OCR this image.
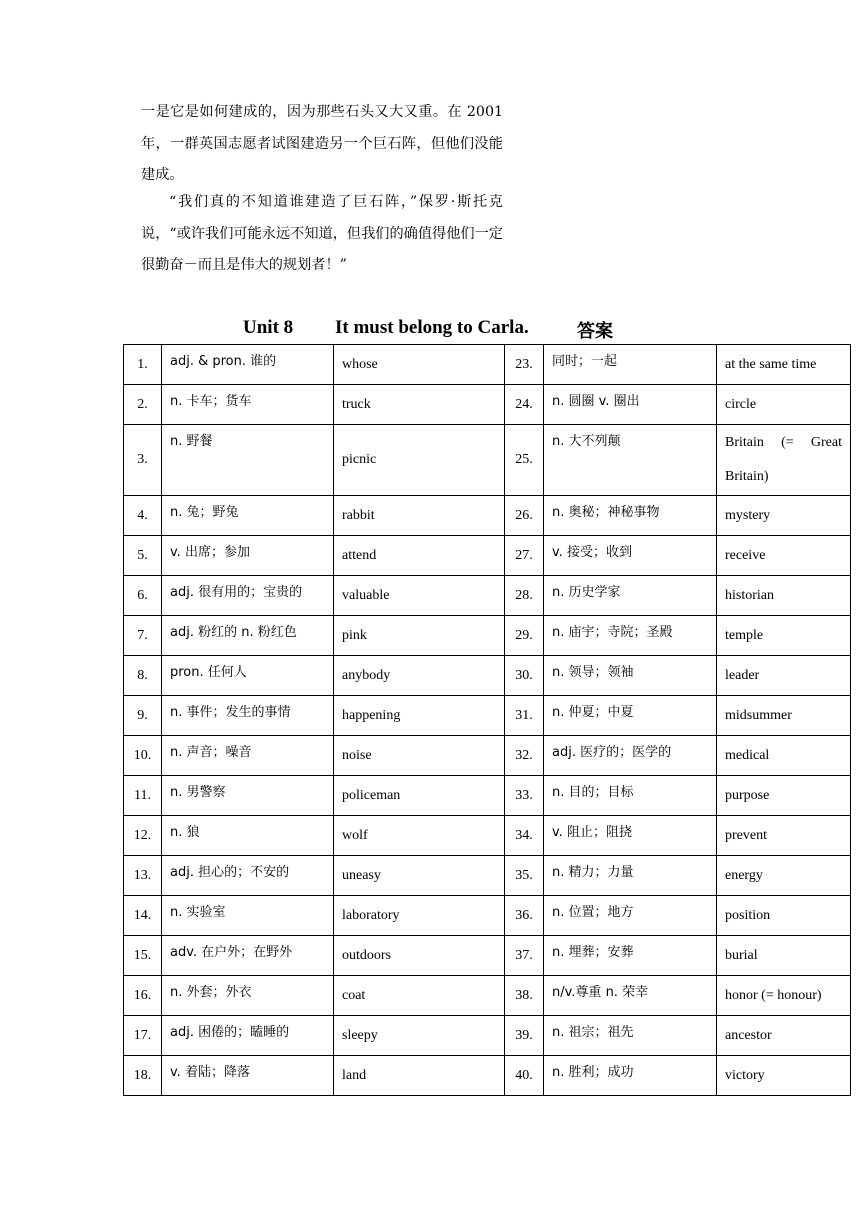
一是它是如何建成的，因为那些石头又大又重。在 2001 年，一群英国志愿者试图建造另一个巨石阵，但他们没能建成。

“我们真的不知道谁建造了巨石阵，”保罗·斯托克说，“或许我们可能永远不知道，但我们的确值得他们一定很勤奋－而且是伟大的规划者！”

Unit 8 It must belong to Carla.	答案
1.	adj. & pron. 谁的	whose	23.	同时；一起	at the same time
2.	n. 卡车；货车	truck	24.	n. 圆圈 v. 圈出	circle
3.	n. 野餐	picnic	25.	n. 大不列颠	Britain (= Great Britain)
4.	n. 兔；野兔	rabbit	26.	n. 奥秘；神秘事物	mystery
5.	v. 出席；参加	attend	27.	v. 接受；收到	receive
6.	adj. 很有用的；宝贵的	valuable	28.	n. 历史学家	historian
7.	adj. 粉红的 n. 粉红色	pink	29.	n. 庙宇；寺院；圣殿	temple
8.	pron. 任何人	anybody	30.	n. 领导；领袖	leader
9.	n. 事件；发生的事情	happening	31.	n. 仲夏；中夏	midsummer
10.	n. 声音；噪音	noise	32.	adj. 医疗的；医学的	medical
11.	n. 男警察	policeman	33.	n. 目的；目标	purpose
12.	n. 狼	wolf	34.	v. 阻止；阻挠	prevent
13.	adj. 担心的；不安的	uneasy	35.	n. 精力；力量	energy
14.	n. 实验室	laboratory	36.	n. 位置；地方	position
15.	adv. 在户外；在野外	outdoors	37.	n. 埋葬；安葬	burial
16.	n. 外套；外衣	coat	38.	n/v.尊重 n. 荣幸	honor (= honour)
17.	adj. 困倦的；瞌睡的	sleepy	39.	n. 祖宗；祖先	ancestor
18.	v. 着陆；降落	land	40.	n. 胜利；成功	victory
